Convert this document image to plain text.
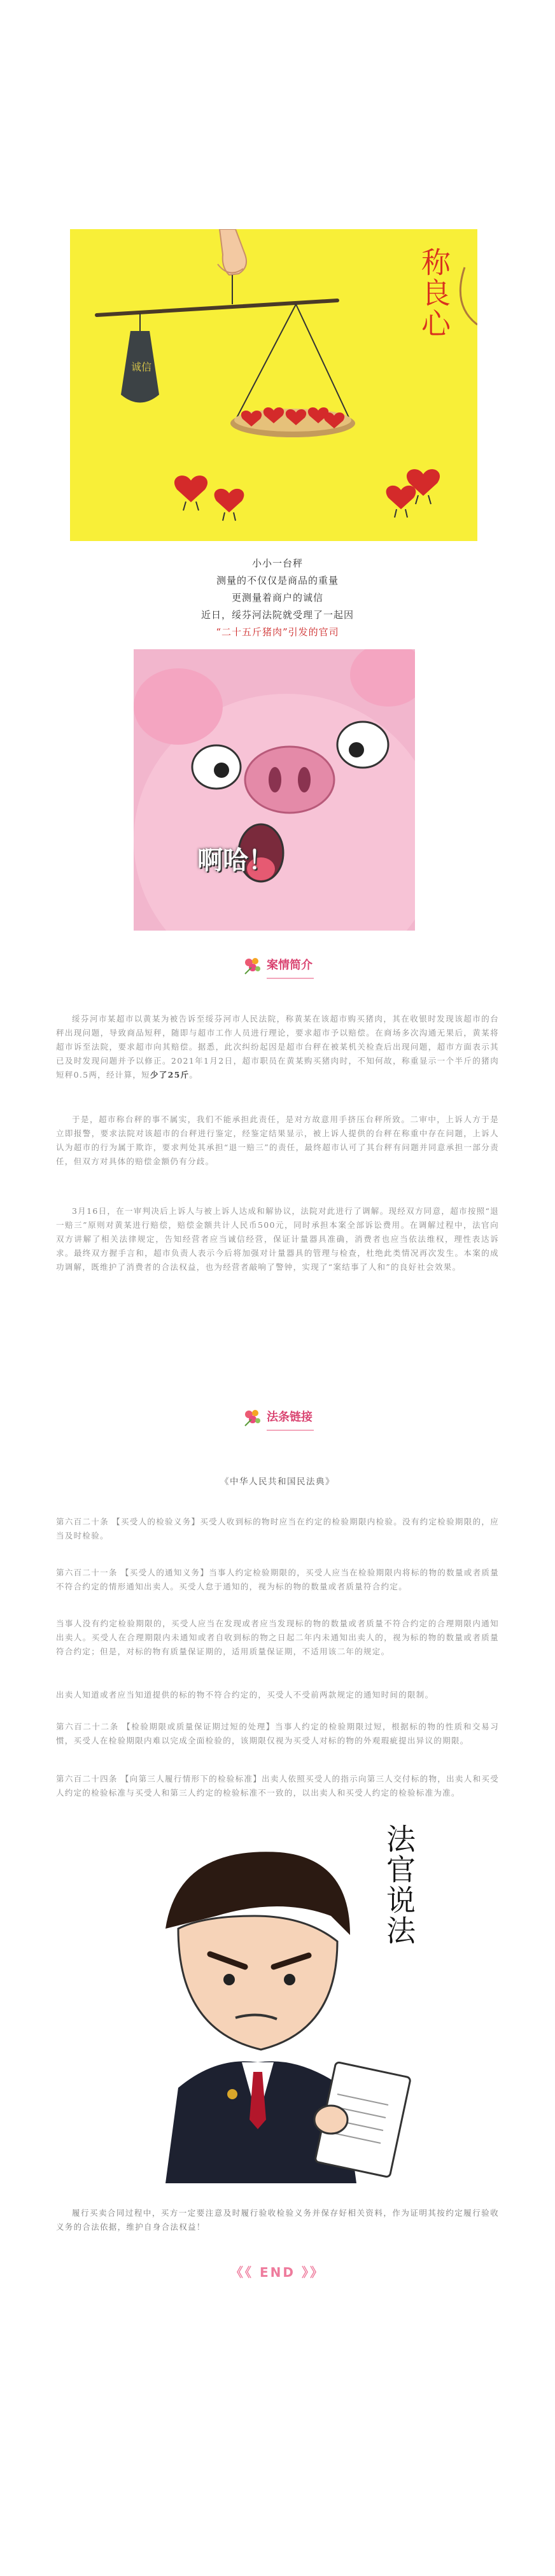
诚信
称良心
小小一台秤
测量的不仅仅是商品的重量
更测量着商户的诚信
近日，绥芬河法院就受理了一起因
“二十五斤猪肉”引发的官司
啊哈！
案情简介
绥芬河市某超市以黄某为被告诉至绥芬河市人民法院，称黄某在该超市购买猪肉，其在收银时发现该超市的台秤出现问题，导致商品短秤，随即与超市工作人员进行理论，要求超市予以赔偿。在商场多次沟通无果后，黄某将超市诉至法院，要求超市向其赔偿。据悉，此次纠纷起因是超市台秤在被某机关检查后出现问题，超市方面表示其已及时发现问题并予以修正。2021年1月2日，超市职员在黄某购买猪肉时，不知何故，称重显示一个半斤的猪肉短秤0.5两，经计算，短少了25斤。
于是，超市称台秤的事不属实，我们不能承担此责任，是对方故意用手挤压台秤所致。二审中，上诉人方于是立即报警，要求法院对该超市的台秤进行鉴定，经鉴定结果显示，被上诉人提供的台秤在称重中存在问题，上诉人认为超市的行为属于欺诈，要求判处其承担“退一赔三”的责任，最终超市认可了其台秤有问题并同意承担一部分责任，但双方对具体的赔偿金额仍有分歧。
3月16日，在一审判决后上诉人与被上诉人达成和解协议，法院对此进行了调解。现经双方同意，超市按照“退一赔三”原则对黄某进行赔偿，赔偿金额共计人民币500元，同时承担本案全部诉讼费用。在调解过程中，法官向双方讲解了相关法律规定，告知经营者应当诚信经营，保证计量器具准确，消费者也应当依法维权，理性表达诉求。最终双方握手言和，超市负责人表示今后将加强对计量器具的管理与检查，杜绝此类情况再次发生。本案的成功调解，既维护了消费者的合法权益，也为经营者敲响了警钟，实现了“案结事了人和”的良好社会效果。
法条链接
《中华人民共和国民法典》
第六百二十条 【买受人的检验义务】买受人收到标的物时应当在约定的检验期限内检验。没有约定检验期限的，应当及时检验。
第六百二十一条 【买受人的通知义务】当事人约定检验期限的，买受人应当在检验期限内将标的物的数量或者质量不符合约定的情形通知出卖人。买受人怠于通知的，视为标的物的数量或者质量符合约定。
当事人没有约定检验期限的，买受人应当在发现或者应当发现标的物的数量或者质量不符合约定的合理期限内通知出卖人。买受人在合理期限内未通知或者自收到标的物之日起二年内未通知出卖人的，视为标的物的数量或者质量符合约定；但是，对标的物有质量保证期的，适用质量保证期，不适用该二年的规定。
出卖人知道或者应当知道提供的标的物不符合约定的，买受人不受前两款规定的通知时间的限制。
第六百二十二条 【检验期限或质量保证期过短的处理】当事人约定的检验期限过短，根据标的物的性质和交易习惯，买受人在检验期限内难以完成全面检验的，该期限仅视为买受人对标的物的外观瑕疵提出异议的期限。
第六百二十四条 【向第三人履行情形下的检验标准】出卖人依照买受人的指示向第三人交付标的物，出卖人和买受人约定的检验标准与买受人和第三人约定的检验标准不一致的，以出卖人和买受人约定的检验标准为准。
法官说法
履行买卖合同过程中，买方一定要注意及时履行验收检验义务并保存好相关资料，作为证明其按约定履行验收义务的合法依据，维护自身合法权益！
《《 END 》》
